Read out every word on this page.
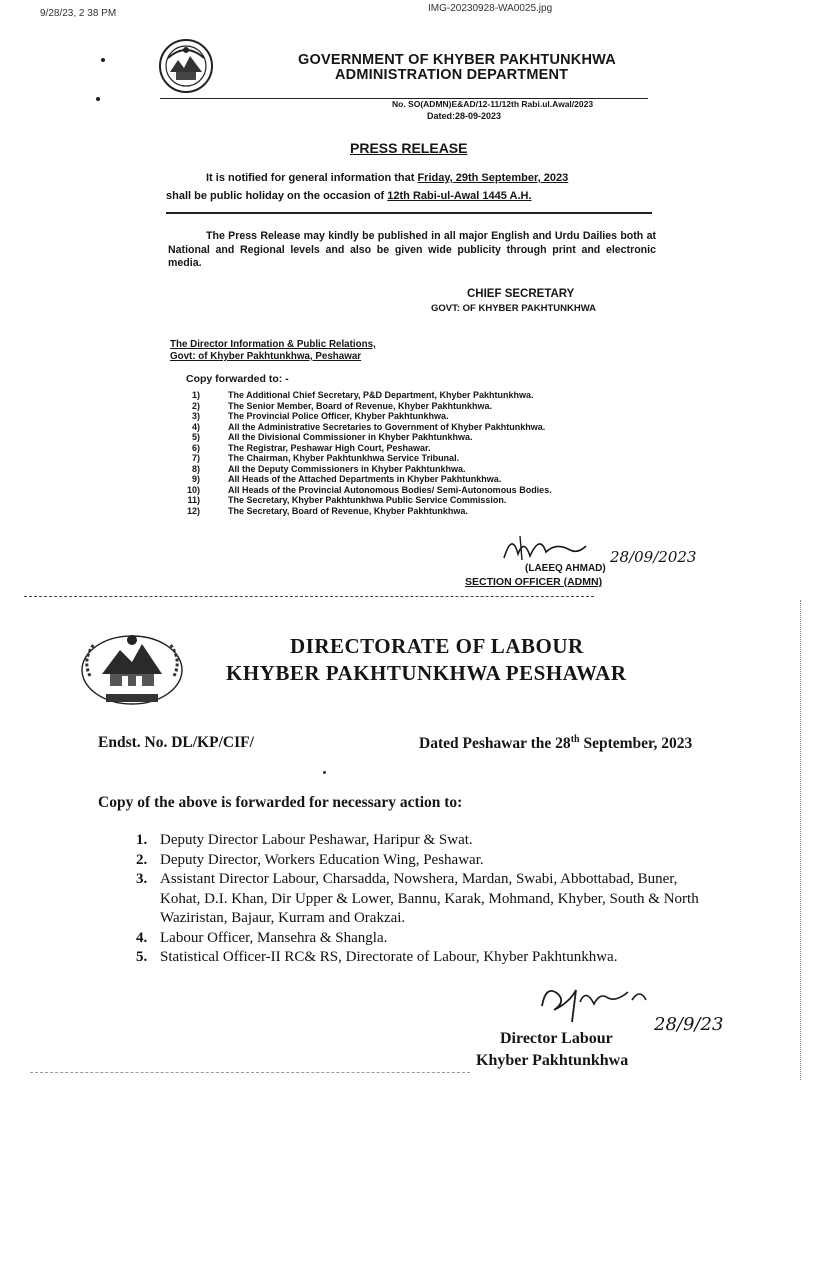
9/28/23, 2 38 PM	IMG-20230928-WA0025.jpg
GOVERNMENT OF KHYBER PAKHTUNKHWA
ADMINISTRATION DEPARTMENT
No. SO(ADMN)E&AD/12-11/12th Rabi.ul.Awal/2023
Dated:28-09-2023
PRESS RELEASE
It is notified for general information that Friday, 29th September, 2023
shall be public holiday on the occasion of 12th Rabi-ul-Awal 1445 A.H.
The Press Release may kindly be published in all major English and Urdu Dailies both at National and Regional levels and also be given wide publicity through print and electronic media.
CHIEF SECRETARY
GOVT: OF KHYBER PAKHTUNKHWA
The Director Information & Public Relations,
Govt: of Khyber Pakhtunkhwa, Peshawar
Copy forwarded to: -
1)	The Additional Chief Secretary, P&D Department, Khyber Pakhtunkhwa.
2)	The Senior Member, Board of Revenue, Khyber Pakhtunkhwa.
3)	The Provincial Police Officer, Khyber Pakhtunkhwa.
4)	All the Administrative Secretaries to Government of Khyber Pakhtunkhwa.
5)	All the Divisional Commissioner in Khyber Pakhtunkhwa.
6)	The Registrar, Peshawar High Court, Peshawar.
7)	The Chairman, Khyber Pakhtunkhwa Service Tribunal.
8)	All the Deputy Commissioners in Khyber Pakhtunkhwa.
9)	All Heads of the Attached Departments in Khyber Pakhtunkhwa.
10)	All Heads of the Provincial Autonomous Bodies/ Semi-Autonomous Bodies.
11)	The Secretary, Khyber Pakhtunkhwa Public Service Commission.
12)	The Secretary, Board of Revenue, Khyber Pakhtunkhwa.
28/09/2023
(LAEEQ AHMAD)
SECTION OFFICER (ADMN)
DIRECTORATE OF LABOUR
KHYBER PAKHTUNKHWA PESHAWAR
Endst. No. DL/KP/CIF/	Dated Peshawar the 28th September, 2023
Copy of the above is forwarded for necessary action to:
1. Deputy Director Labour Peshawar, Haripur & Swat.
2. Deputy Director, Workers Education Wing, Peshawar.
3. Assistant Director Labour, Charsadda, Nowshera, Mardan, Swabi, Abbottabad, Buner, Kohat, D.I. Khan, Dir Upper & Lower, Bannu, Karak, Mohmand, Khyber, South & North Waziristan, Bajaur, Kurram and Orakzai.
4. Labour Officer, Mansehra & Shangla.
5. Statistical Officer-II RC& RS, Directorate of Labour, Khyber Pakhtunkhwa.
28/9/23
Director Labour
Khyber Pakhtunkhwa
